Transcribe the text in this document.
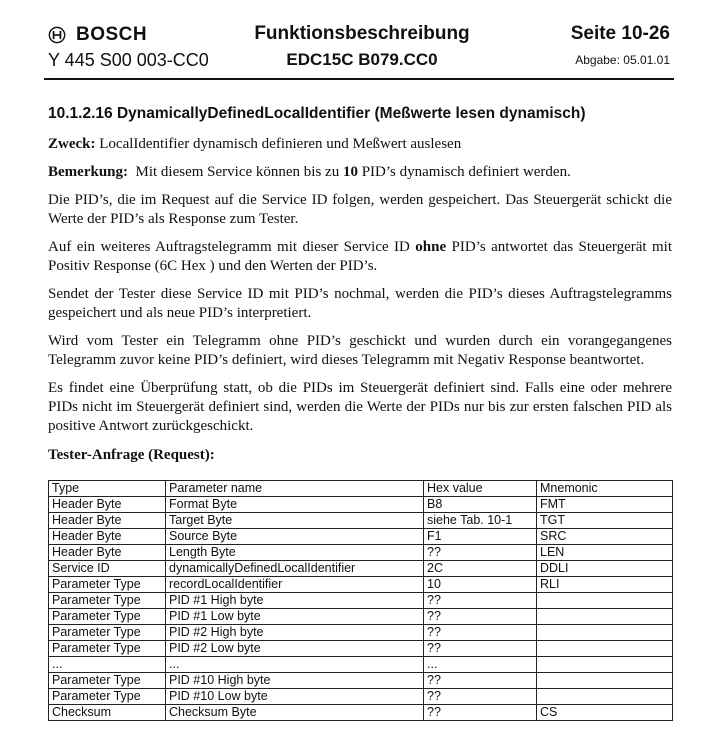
BOSCH
Y 445 S00 003-CC0
Funktionsbeschreibung
EDC15C B079.CC0
Seite 10-26
Abgabe: 05.01.01
10.1.2.16 DynamicallyDefinedLocalIdentifier (Meßwerte lesen dynamisch)

Zweck: LocalIdentifier dynamisch definieren und Meßwert auslesen

Bemerkung:  Mit diesem Service können bis zu 10 PID’s dynamisch definiert werden.

Die PID’s, die im Request auf die Service ID folgen, werden gespeichert. Das Steuergerät schickt die Werte der PID’s als Response zum Tester.

Auf ein weiteres Auftragstelegramm mit dieser Service ID ohne PID’s antwortet das Steuergerät mit Positiv Response (6C Hex ) und den Werten der PID’s.

Sendet der Tester diese Service ID mit PID’s nochmal, werden die PID’s dieses Auftragstelegramms gespeichert und als neue PID’s interpretiert.

Wird vom Tester ein Telegramm ohne PID’s geschickt und wurden durch ein vorangegangenes Telegramm zuvor keine PID’s definiert, wird dieses Telegramm mit Negativ Response beantwortet.

Es findet eine Überprüfung statt, ob die PIDs im Steuergerät definiert sind. Falls eine oder mehrere PIDs nicht im Steuergerät definiert sind, werden die Werte der PIDs nur bis zur ersten falschen PID als positive Antwort zurückgeschickt.

Tester-Anfrage (Request):
Type	Parameter name	Hex value	Mnemonic
Header Byte	Format Byte	B8	FMT
Header Byte	Target Byte	siehe Tab. 10-1	TGT
Header Byte	Source Byte	F1	SRC
Header Byte	Length Byte	??	LEN
Service ID	dynamicallyDefinedLocalIdentifier	2C	DDLI
Parameter Type	recordLocalIdentifier	10	RLI
Parameter Type	PID #1 High byte	??	
Parameter Type	PID #1 Low byte	??	
Parameter Type	PID #2 High byte	??	
Parameter Type	PID #2 Low byte	??	
...	...	...	
Parameter Type	PID #10 High byte	??	
Parameter Type	PID #10 Low byte	??	
Checksum	Checksum Byte	??	CS
